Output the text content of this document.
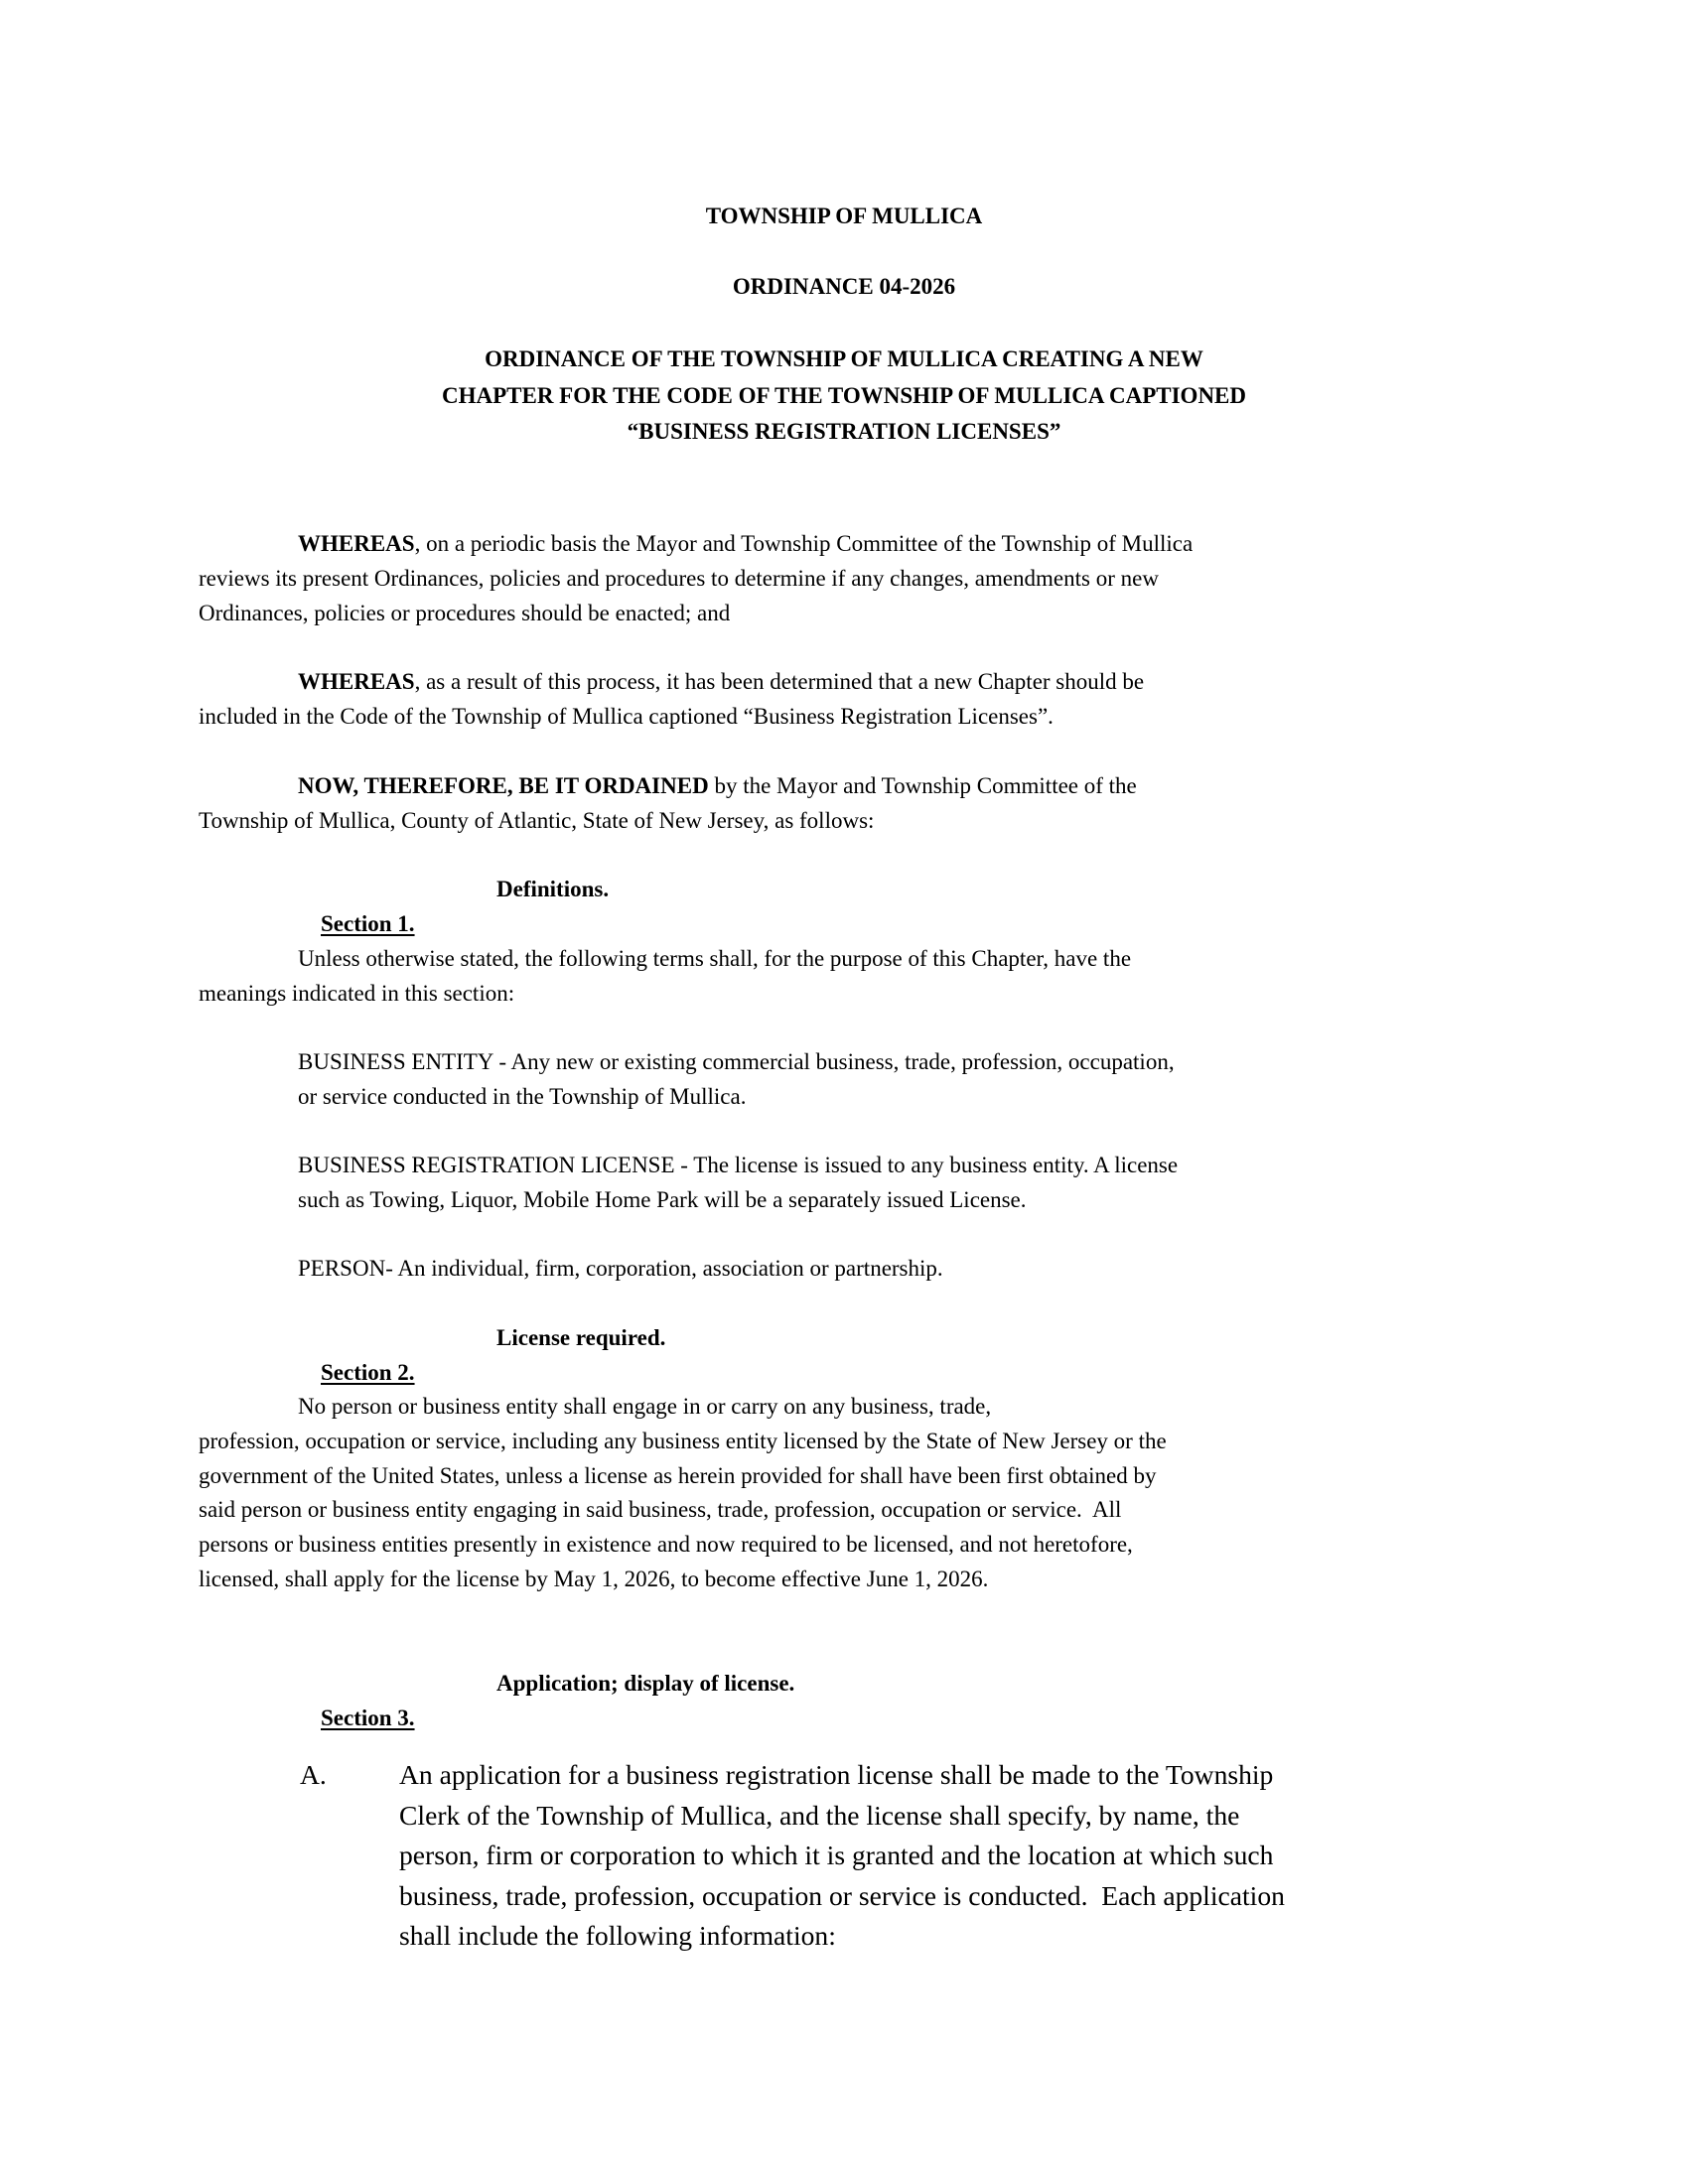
TOWNSHIP OF MULLICA
ORDINANCE 04-2026
ORDINANCE OF THE TOWNSHIP OF MULLICA CREATING A NEW
CHAPTER FOR THE CODE OF THE TOWNSHIP OF MULLICA CAPTIONED
“BUSINESS REGISTRATION LICENSES”
WHEREAS, on a periodic basis the Mayor and Township Committee of the Township of Mullica
reviews its present Ordinances, policies and procedures to determine if any changes, amendments or new
Ordinances, policies or procedures should be enacted; and
WHEREAS, as a result of this process, it has been determined that a new Chapter should be
included in the Code of the Township of Mullica captioned “Business Registration Licenses”.
NOW, THEREFORE, BE IT ORDAINED by the Mayor and Township Committee of the
Township of Mullica, County of Atlantic, State of New Jersey, as follows:

Section 1.

Definitions.

Unless otherwise stated, the following terms shall, for the purpose of this Chapter, have the
meanings indicated in this section:
BUSINESS ENTITY - Any new or existing commercial business, trade, profession, occupation,
or service conducted in the Township of Mullica.
BUSINESS REGISTRATION LICENSE - The license is issued to any business entity. A license
such as Towing, Liquor, Mobile Home Park will be a separately issued License.
PERSON- An individual, firm, corporation, association or partnership.

Section 2.

License required.

No person or business entity shall engage in or carry on any business, trade,
profession, occupation or service, including any business entity licensed by the State of New Jersey or the
government of the United States, unless a license as herein provided for shall have been first obtained by
said person or business entity engaging in said business, trade, profession, occupation or service.  All
persons or business entities presently in existence and now required to be licensed, and not heretofore,
licensed, shall apply for the license by May 1, 2026, to become effective June 1, 2026.

Section 3.

Application; display of license.

A.	An application for a business registration license shall be made to the Township
Clerk of the Township of Mullica, and the license shall specify, by name, the
person, firm or corporation to which it is granted and the location at which such
business, trade, profession, occupation or service is conducted.  Each application
shall include the following information:
